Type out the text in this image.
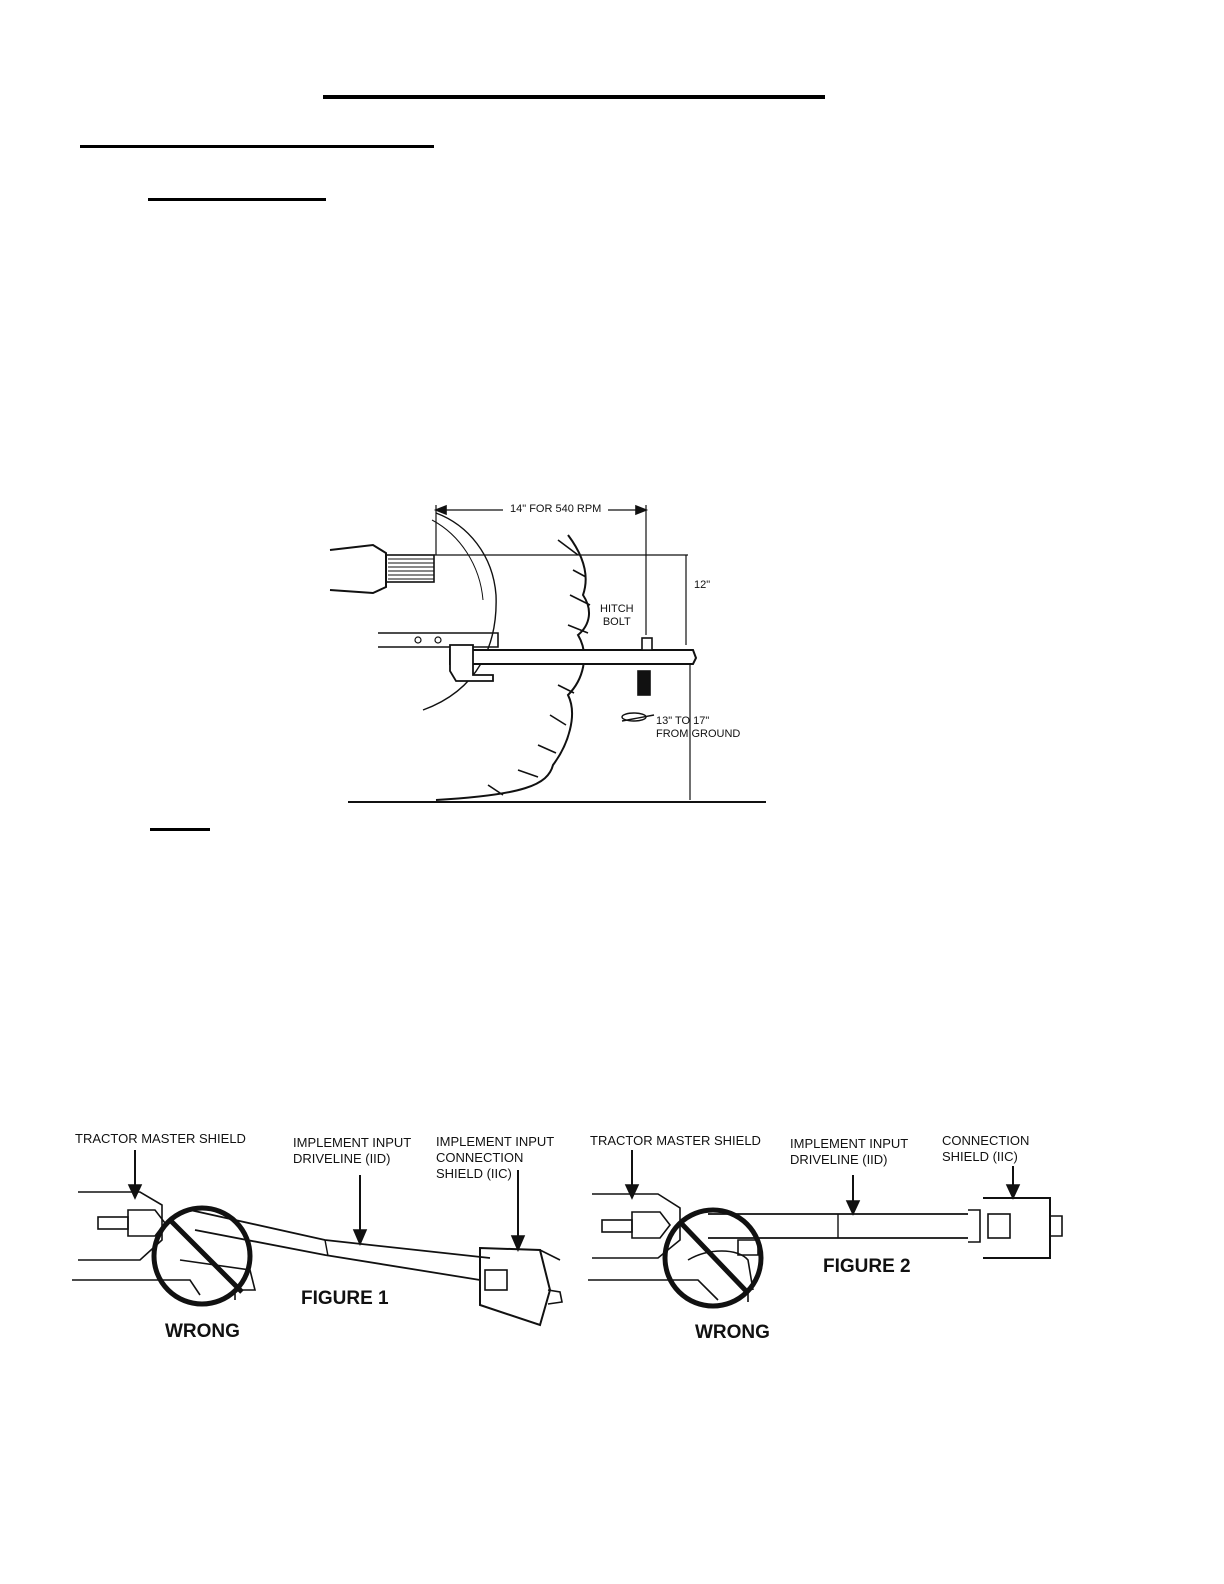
14" FOR 540 RPM
12"
HITCH
BOLT
13" TO 17"
FROM GROUND
TRACTOR MASTER SHIELD	IMPLEMENT INPUT
DRIVELINE (IID)
IMPLEMENT INPUT
CONNECTION
SHIELD (IIC)
FIGURE 1
WRONG
TRACTOR MASTER SHIELD IMPLEMENT INPUT
DRIVELINE (IID)
CONNECTION
SHIELD (IIC)
FIGURE 2
WRONG
